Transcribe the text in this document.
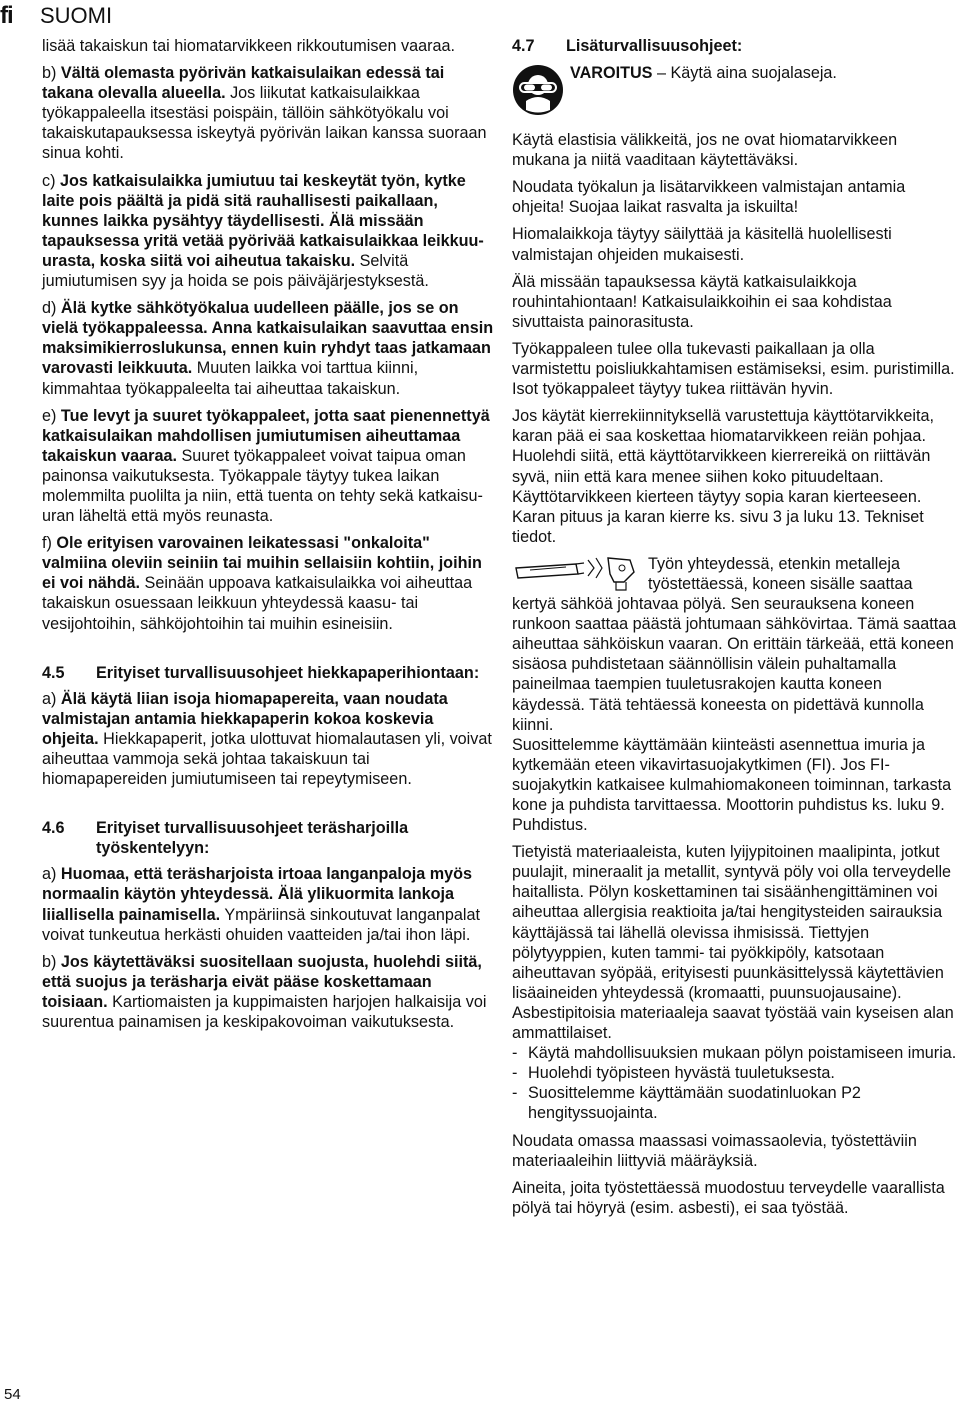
fi SUOMI

lisää takaiskun tai hiomatarvikkeen rikkoutumisen vaaraa.

b) Vältä olemasta pyörivän katkaisulaikan edessä tai takana olevalla alueella. Jos liikutat katkaisulaikkaa työkappaleella itsestäsi poispäin, tällöin sähkötyökalu voi takaiskutapauksessa iskeytyä pyörivän laikan kanssa suoraan sinua kohti.

c) Jos katkaisulaikka jumiutuu tai keskeytät työn, kytke laite pois päältä ja pidä sitä rauhallisesti paikallaan, kunnes laikka pysähtyy täydellisesti. Älä missään tapauksessa yritä vetää pyörivää katkaisulaikkaa leikkuu-urasta, koska siitä voi aiheutua takaisku. Selvitä jumiutumisen syy ja hoida se pois päiväjärjestyksestä.

d) Älä kytke sähkötyökalua uudelleen päälle, jos se on vielä työkappaleessa. Anna katkaisulaikan saavuttaa ensin maksimikierroslukunsa, ennen kuin ryhdyt taas jatkamaan varovasti leikkuuta. Muuten laikka voi tarttua kiinni, kimmahtaa työkappaleelta tai aiheuttaa takaiskun.

e) Tue levyt ja suuret työkappaleet, jotta saat pienennettyä katkaisulaikan mahdollisen jumiutumisen aiheuttamaa takaiskun vaaraa. Suuret työkappaleet voivat taipua oman painonsa vaikutuksesta. Työkappale täytyy tukea laikan molemmilta puolilta ja niin, että tuenta on tehty sekä katkaisu-uran läheltä että myös reunasta.

f) Ole erityisen varovainen leikatessasi "onkaloita" valmiina oleviin seiniin tai muihin sellaisiin kohtiin, joihin ei voi nähdä. Seinään uppoava katkaisulaikka voi aiheuttaa takaiskun osuessaan leikkuun yhteydessä kaasu- tai vesijohtoihin, sähköjohtoihin tai muihin esineisiin.

4.5	Erityiset turvallisuusohjeet hiekkapaperihiontaan:

a) Älä käytä liian isoja hiomapapereita, vaan noudata valmistajan antamia hiekkapaperin kokoa koskevia ohjeita. Hiekkapaperit, jotka ulottuvat hiomalautasen yli, voivat aiheuttaa vammoja sekä johtaa takaiskuun tai hiomapapereiden jumiutumiseen tai repeytymiseen.

4.6	Erityiset turvallisuusohjeet teräsharjoilla työskentelyyn:

a) Huomaa, että teräsharjoista irtoaa langanpaloja myös normaalin käytön yhteydessä. Älä ylikuormita lankoja liiallisella painamisella. Ympäriinsä sinkoutuvat langanpalat voivat tunkeutua herkästi ohuiden vaatteiden ja/tai ihon läpi.

b) Jos käytettäväksi suositellaan suojusta, huolehdi siitä, että suojus ja teräsharja eivät pääse koskettamaan toisiaan. Kartiomaisten ja kuppimaisten harjojen halkaisija voi suurentua painamisen ja keskipakovoiman vaikutuksesta.

4.7	Lisäturvallisuusohjeet:
VAROITUS – Käytä aina suojalaseja.

Käytä elastisia välikkeitä, jos ne ovat hiomatarvikkeen mukana ja niitä vaaditaan käytettäväksi.

Noudata työkalun ja lisätarvikkeen valmistajan antamia ohjeita! Suojaa laikat rasvalta ja iskuilta!

Hiomalaikkoja täytyy säilyttää ja käsitellä huolellisesti valmistajan ohjeiden mukaisesti.

Älä missään tapauksessa käytä katkaisulaikkoja rouhintahiontaan! Katkaisulaikkoihin ei saa kohdistaa sivuttaista painorasitusta.

Työkappaleen tulee olla tukevasti paikallaan ja olla varmistettu poisliukkahtamisen estämiseksi, esim. puristimilla. Isot työkappaleet täytyy tukea riittävän hyvin.

Jos käytät kierrekiinnityksellä varustettuja käyttötarvikkeita, karan pää ei saa koskettaa hiomatarvikkeen reiän pohjaa. Huolehdi siitä, että käyttötarvikkeen kierrereikä on riittävän syvä, niin että kara menee siihen koko pituudeltaan. Käyttötarvikkeen kierteen täytyy sopia karan kierteeseen. Karan pituus ja karan kierre ks. sivu 3 ja luku 13. Tekniset tiedot.

Työn yhteydessä, etenkin metalleja työstettäessä, koneen sisälle saattaa kertyä sähköä johtavaa pölyä. Sen seurauksena koneen runkoon saattaa päästä johtumaan sähkövirtaa. Tämä saattaa aiheuttaa sähköiskun vaaran. On erittäin tärkeää, että koneen sisäosa puhdistetaan säännöllisin välein puhaltamalla paineilmaa taempien tuuletusrakojen kautta koneen käydessä. Tätä tehtäessä koneesta on pidettävä kunnolla kiinni.

Suosittelemme käyttämään kiinteästi asennettua imuria ja kytkemään eteen vikavirtasuojakytkimen (FI). Jos FI-suojakytkin katkaisee kulmahiomakoneen toiminnan, tarkasta kone ja puhdista tarvittaessa. Moottorin puhdistus ks. luku 9. Puhdistus.

Tietyistä materiaaleista, kuten lyijypitoinen maalipinta, jotkut puulajit, mineraalit ja metallit, syntyvä pöly voi olla terveydelle haitallista. Pölyn koskettaminen tai sisäänhengittäminen voi aiheuttaa allergisia reaktioita ja/tai hengitysteiden sairauksia käyttäjässä tai lähellä olevissa ihmisissä. Tiettyjen pölytyyppien, kuten tammi- tai pyökkipöly, katsotaan aiheuttavan syöpää, erityisesti puunkäsittelyssä käytettävien lisäaineiden yhteydessä (kromaatti, puunsuojausaine). Asbestipitoisia materiaaleja saavat työstää vain kyseisen alan ammattilaiset.

- Käytä mahdollisuuksien mukaan pölyn poistamiseen imuria.
- Huolehdi työpisteen hyvästä tuuletuksesta.
- Suosittelemme käyttämään suodatinluokan P2 hengityssuojainta.

Noudata omassa maassasi voimassaolevia, työstettäviin materiaaleihin liittyviä määräyksiä.

Aineita, joita työstettäessä muodostuu terveydelle vaarallista pölyä tai höyryä (esim. asbesti), ei saa työstää.

54
